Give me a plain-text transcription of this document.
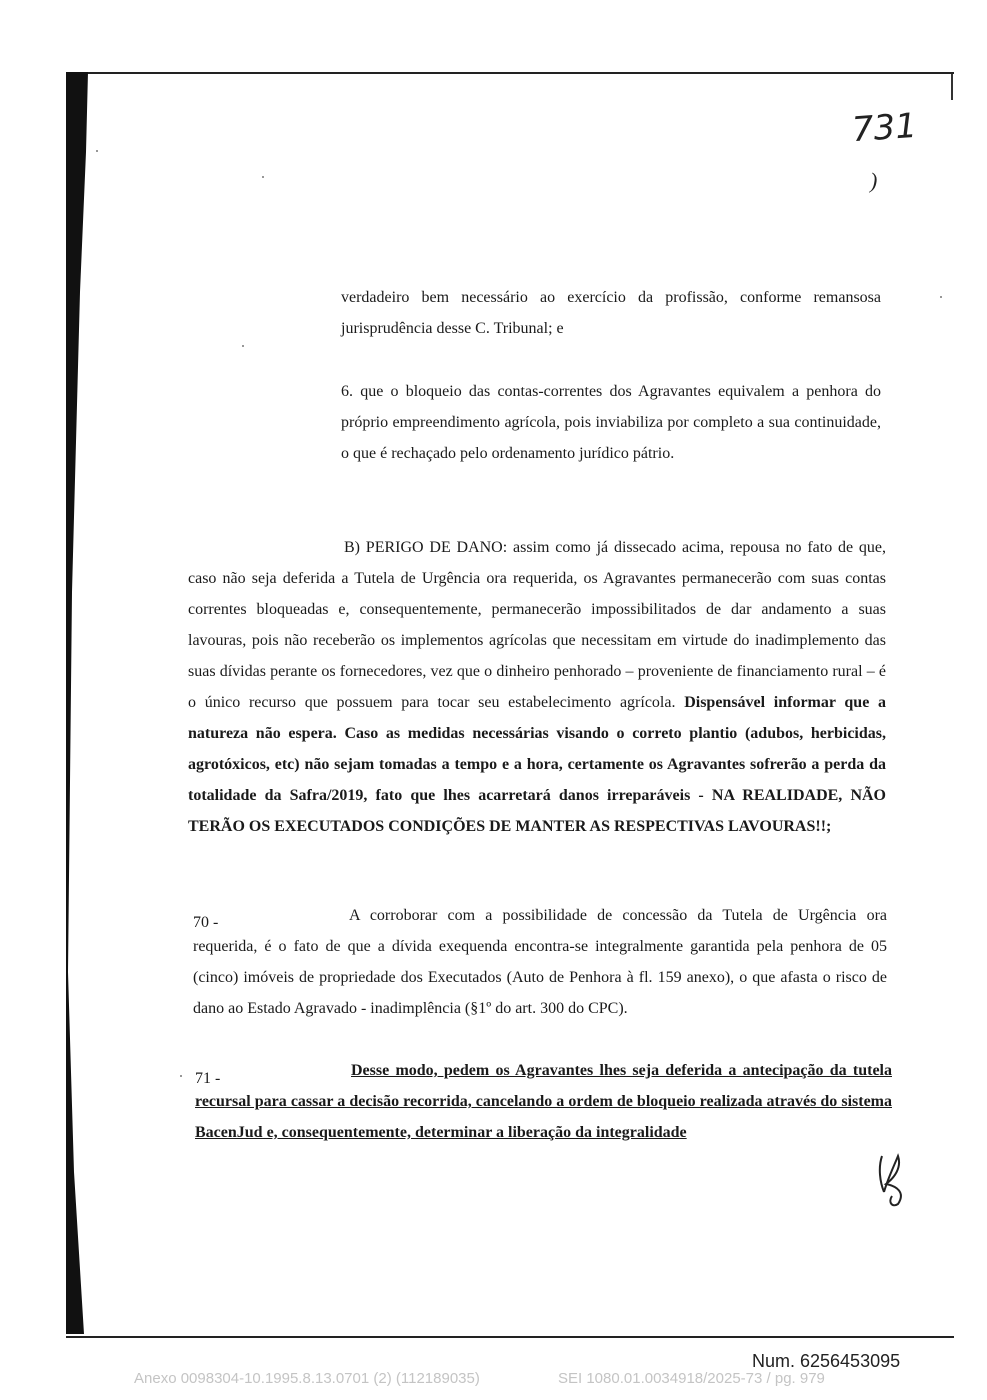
731
)

verdadeiro bem necessário ao exercício da profissão, conforme remansosa jurisprudência desse C. Tribunal; e

6. que o bloqueio das contas-correntes dos Agravantes equivalem a penhora do próprio empreendimento agrícola, pois inviabiliza por completo a sua continuidade, o que é rechaçado pelo ordenamento jurídico pátrio.

B) PERIGO DE DANO: assim como já dissecado acima, repousa no fato de que, caso não seja deferida a Tutela de Urgência ora requerida, os Agravantes permanecerão com suas contas correntes bloqueadas e, consequentemente, permanecerão impossibilitados de dar andamento a suas lavouras, pois não receberão os implementos agrícolas que necessitam em virtude do inadimplemento das suas dívidas perante os fornecedores, vez que o dinheiro penhorado – proveniente de financiamento rural – é o único recurso que possuem para tocar seu estabelecimento agrícola. Dispensável informar que a natureza não espera. Caso as medidas necessárias visando o correto plantio (adubos, herbicidas, agrotóxicos, etc) não sejam tomadas a tempo e a hora, certamente os Agravantes sofrerão a perda da totalidade da Safra/2019, fato que lhes acarretará danos irreparáveis - NA REALIDADE, NÃO TERÃO OS EXECUTADOS CONDIÇÕES DE MANTER AS RESPECTIVAS LAVOURAS!!;

70 -	A corroborar com a possibilidade de concessão da Tutela de Urgência ora requerida, é o fato de que a dívida exequenda encontra-se integralmente garantida pela penhora de 05 (cinco) imóveis de propriedade dos Executados (Auto de Penhora à fl. 159 anexo), o que afasta o risco de dano ao Estado Agravado - inadimplência (§1º do art. 300 do CPC).

71 -	Desse modo, pedem os Agravantes lhes seja deferida a antecipação da tutela recursal para cassar a decisão recorrida, cancelando a ordem de bloqueio realizada através do sistema BacenJud e, consequentemente, determinar a liberação da integralidade

Num. 6256453095
Anexo 0098304-10.1995.8.13.0701 (2) (112189035)	SEI 1080.01.0034918/2025-73 / pg. 979
